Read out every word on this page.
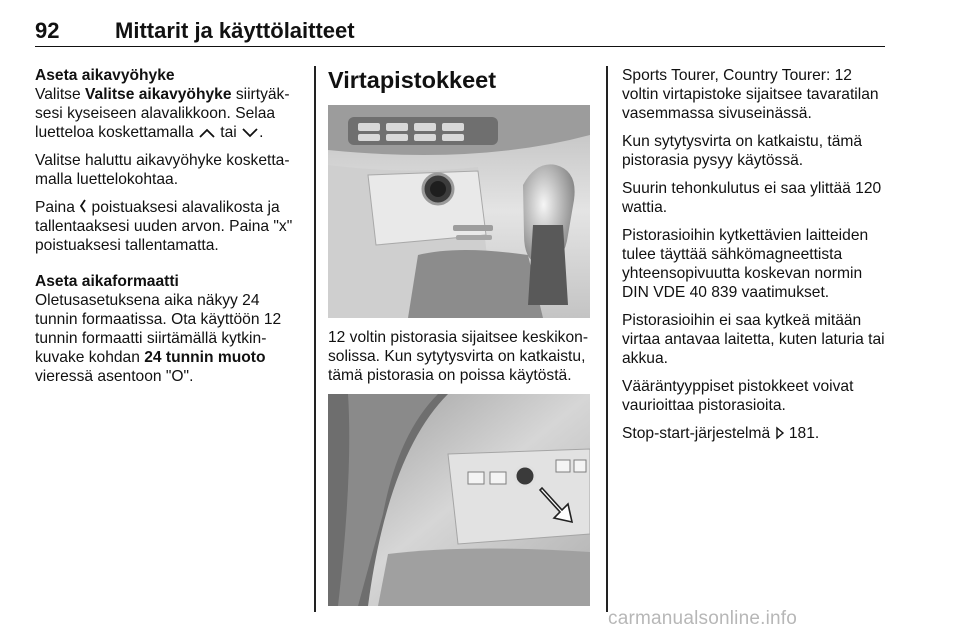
92	Mittarit ja käyttölaitteet
Aseta aikavyöhyke

Valitse Valitse aikavyöhyke siirtyäksesi kyseiseen alavalikkoon. Selaa luetteloa koskettamalla  tai .

Valitse haluttu aikavyöhyke koskettamalla luettelokohtaa.

Paina  poistuaksesi alavalikosta ja tallentaaksesi uuden arvon. Paina "x" poistuaksesi tallentamatta.

Aseta aikaformaatti

Oletusasetuksena aika näkyy 24 tunnin formaatissa. Ota käyttöön 12 tunnin formaatti siirtämällä kytkinkuvake kohdan 24 tunnin muoto vieressä asentoon "O".

Virtapistokkeet

12 voltin pistorasia sijaitsee keskikonsolissa. Kun sytytysvirta on katkaistu, tämä pistorasia on poissa käytöstä.

Sports Tourer, Country Tourer: 12 voltin virtapistoke sijaitsee tavaratilan vasemmassa sivuseinässä.

Kun sytytysvirta on katkaistu, tämä pistorasia pysyy käytössä.

Suurin tehonkulutus ei saa ylittää 120 wattia.

Pistorasioihin kytkettävien laitteiden tulee täyttää sähkömagneettista yhteensopivuutta koskevan normin DIN VDE 40 839 vaatimukset.

Pistorasioihin ei saa kytkeä mitään virtaa antavaa laitetta, kuten laturia tai akkua.

Vääräntyyppiset pistokkeet voivat vaurioittaa pistorasioita.

Stop-start-järjestelmä  181.

carmanualsonline.info
